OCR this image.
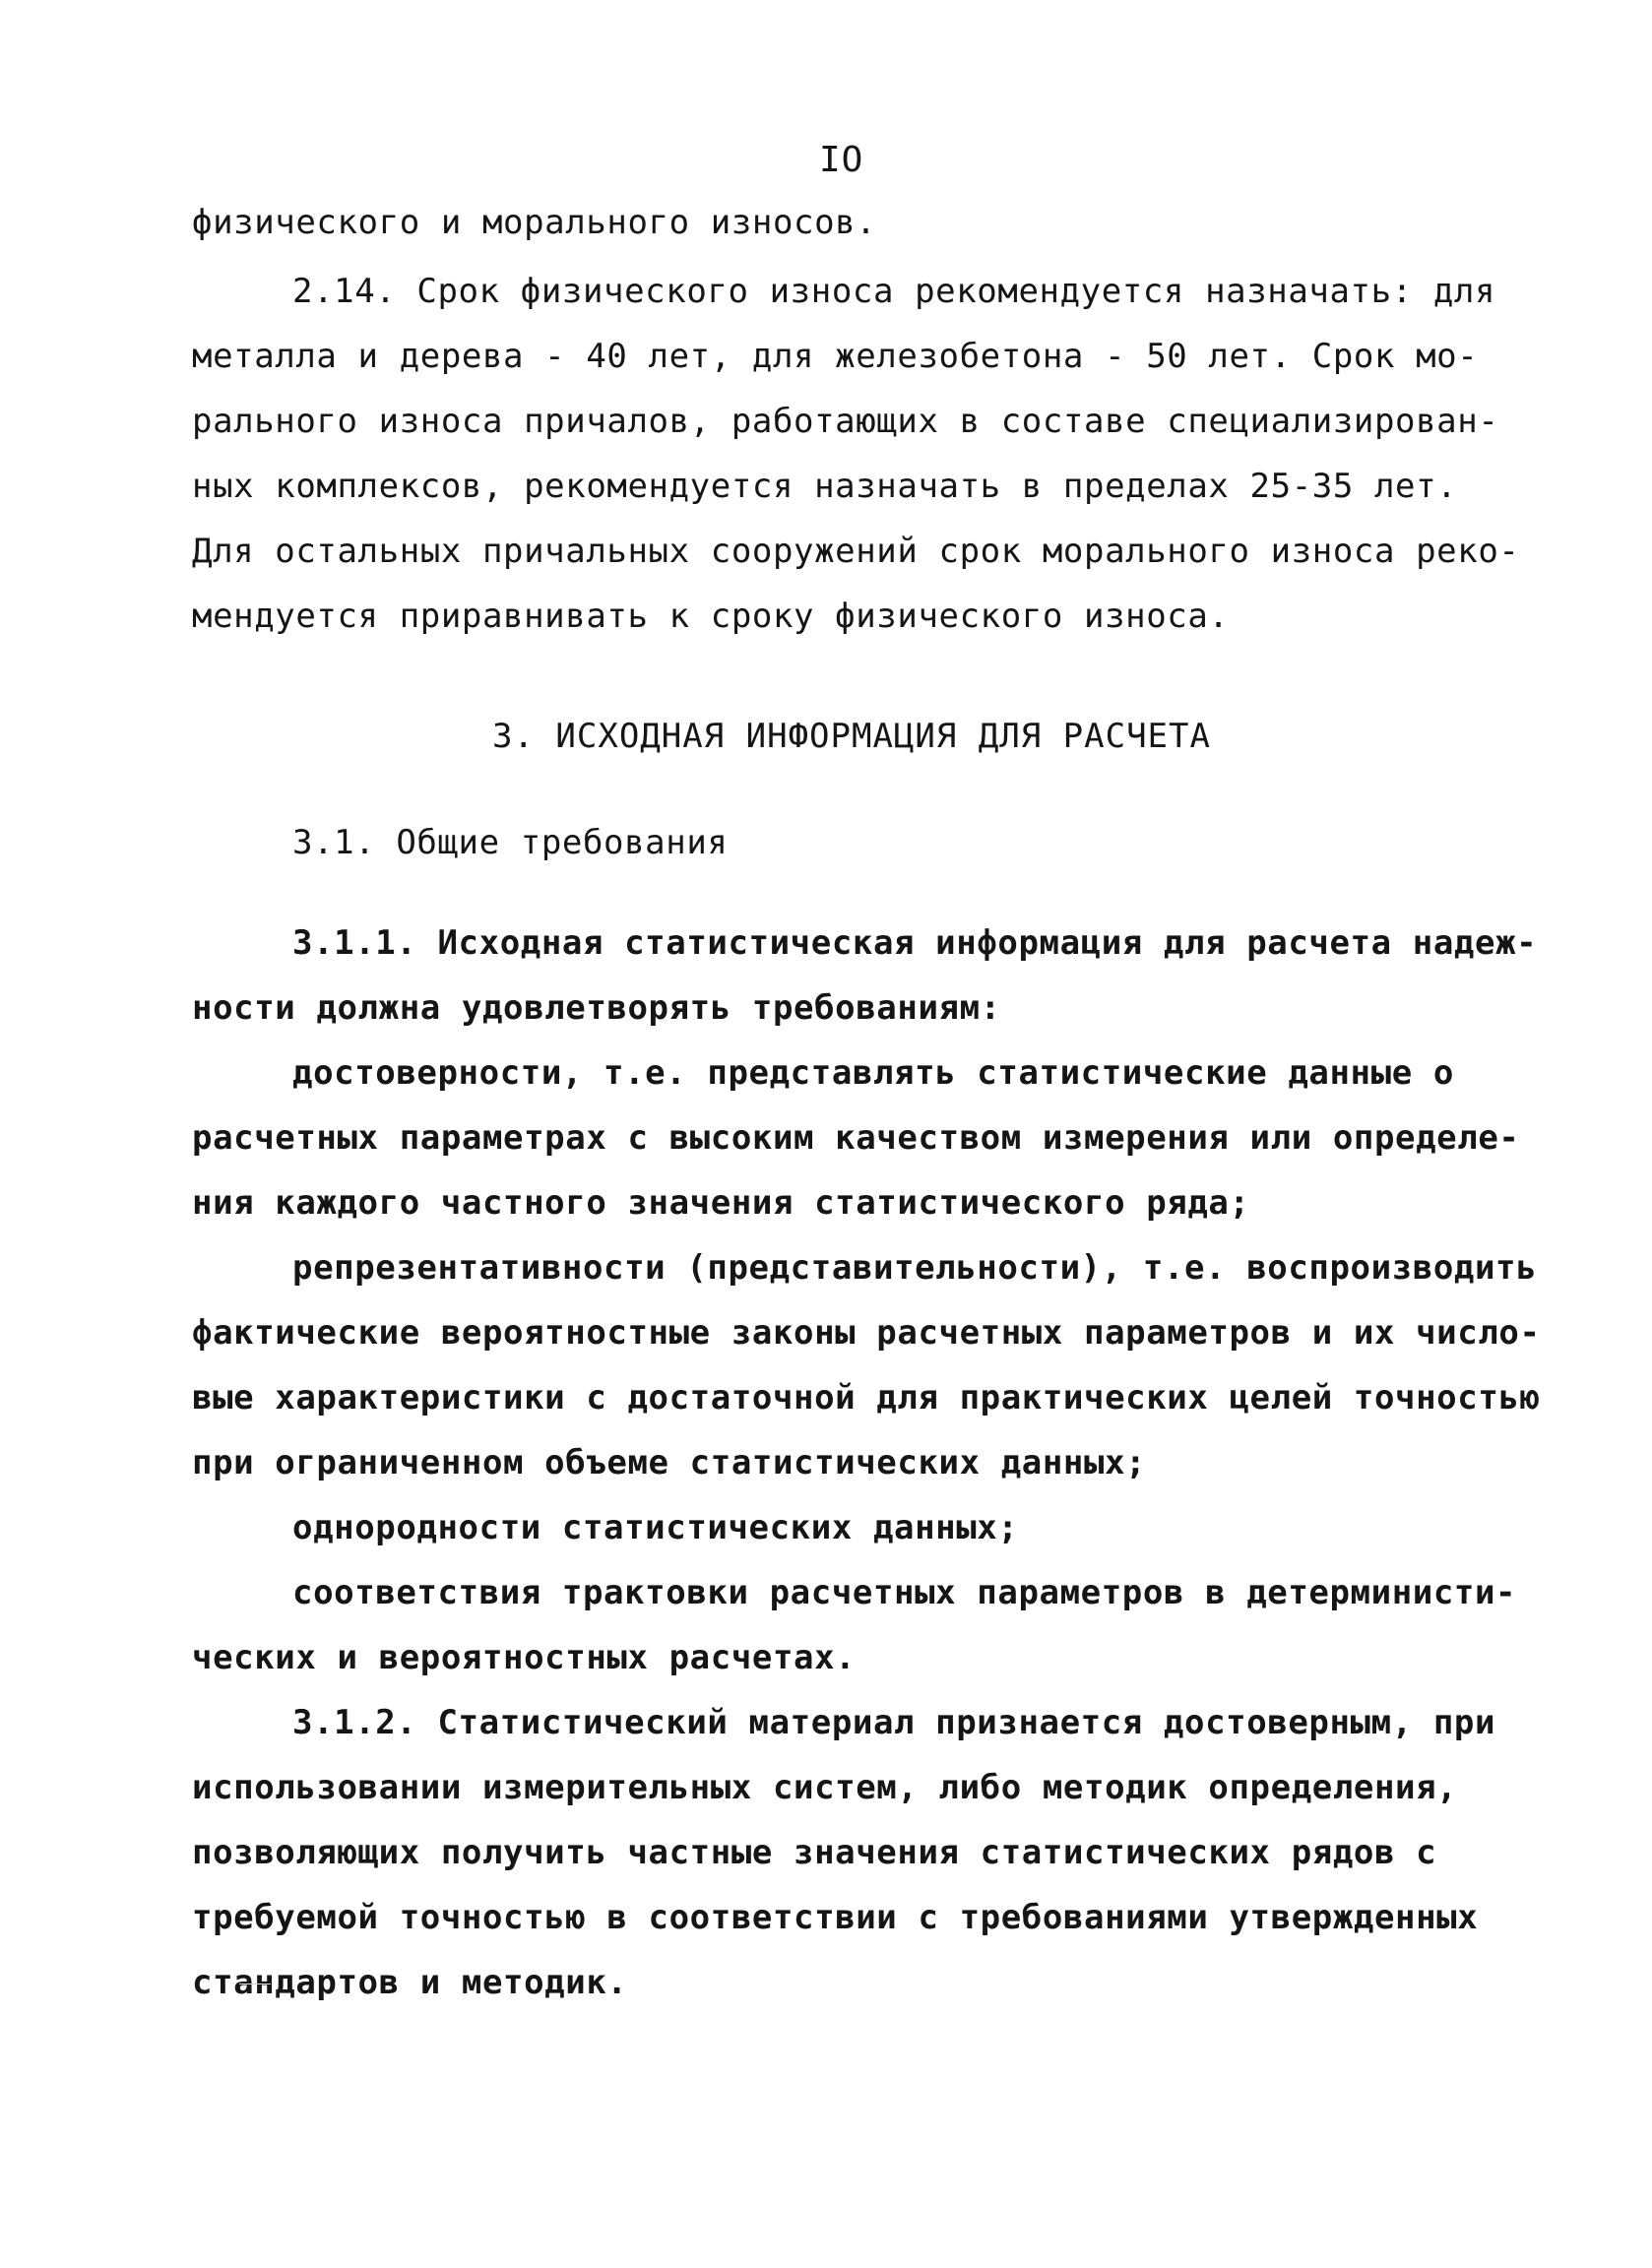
IO
физического и морального износов.
2.14. Срок физического износа рекомендуется назначать: для
металла и дерева - 40 лет, для железобетона - 50 лет. Срок мо-
рального износа причалов, работающих в составе специализирован-
ных комплексов, рекомендуется назначать в пределах 25-35 лет.
Для остальных причальных сооружений срок морального износа реко-
мендуется приравнивать к сроку физического износа.
3. ИСХОДНАЯ ИНФОРМАЦИЯ ДЛЯ РАСЧЕТА
3.1. Общие требования
3.1.1. Исходная статистическая информация для расчета надеж-
ности должна удовлетворять требованиям:
достоверности, т.е. представлять статистические данные о
расчетных параметрах с высоким качеством измерения или определе-
ния каждого частного значения статистического ряда;
репрезентативности (представительности), т.е. воспроизводить
фактические вероятностные законы расчетных параметров и их число-
вые характеристики с достаточной для практических целей точностью
при ограниченном объеме статистических данных;
однородности статистических данных;
соответствия трактовки расчетных параметров в детерминисти-
ческих и вероятностных расчетах.
3.1.2. Статистический материал признается достоверным, при
использовании измерительных систем, либо методик определения,
позволяющих получить частные значения статистических рядов с
требуемой точностью в соответствии с требованиями утвержденных
стандартов и методик.
